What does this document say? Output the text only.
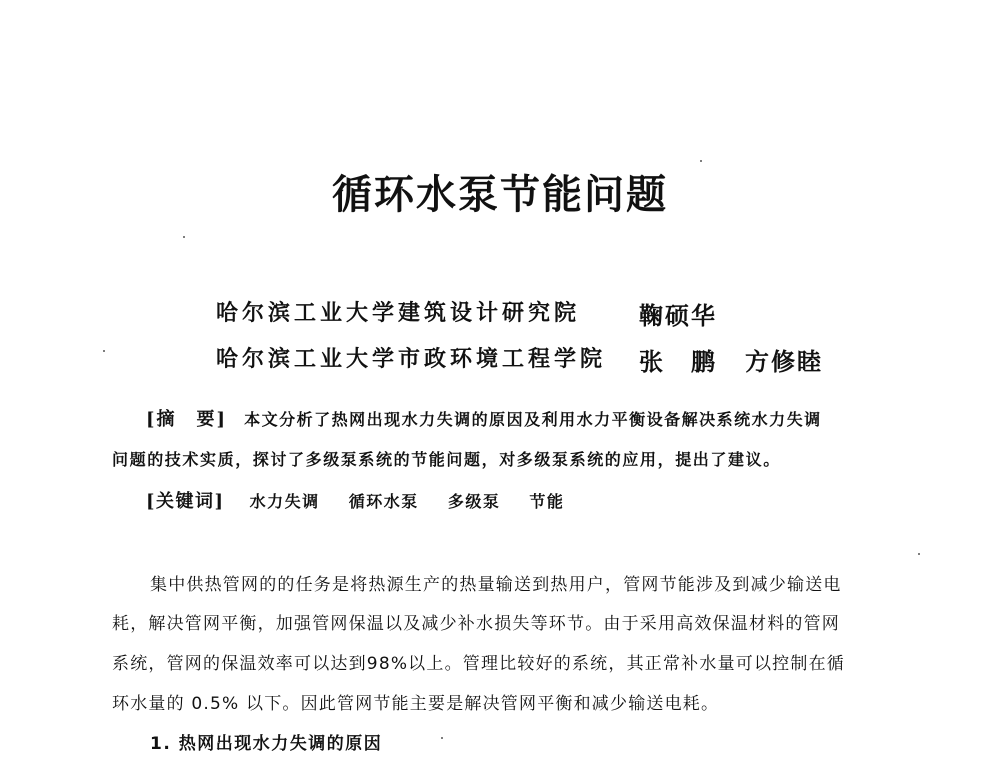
循环水泵节能问题
哈尔滨工业大学建筑设计研究院 鞠硕华
哈尔滨工业大学市政环境工程学院 张　鹏 方修睦
[摘　要] 本文分析了热网出现水力失调的原因及利用水力平衡设备解决系统水力失调
问题的技术实质，探讨了多级泵系统的节能问题，对多级泵系统的应用，提出了建议。
[关键词] 水力失调 循环水泵 多级泵 节能
集中供热管网的的任务是将热源生产的热量输送到热用户，管网节能涉及到减少输送电
耗，解决管网平衡，加强管网保温以及减少补水损失等环节。由于采用高效保温材料的管网
系统，管网的保温效率可以达到98%以上。管理比较好的系统，其正常补水量可以控制在循
环水量的 0.5% 以下。因此管网节能主要是解决管网平衡和减少输送电耗。
1. 热网出现水力失调的原因
